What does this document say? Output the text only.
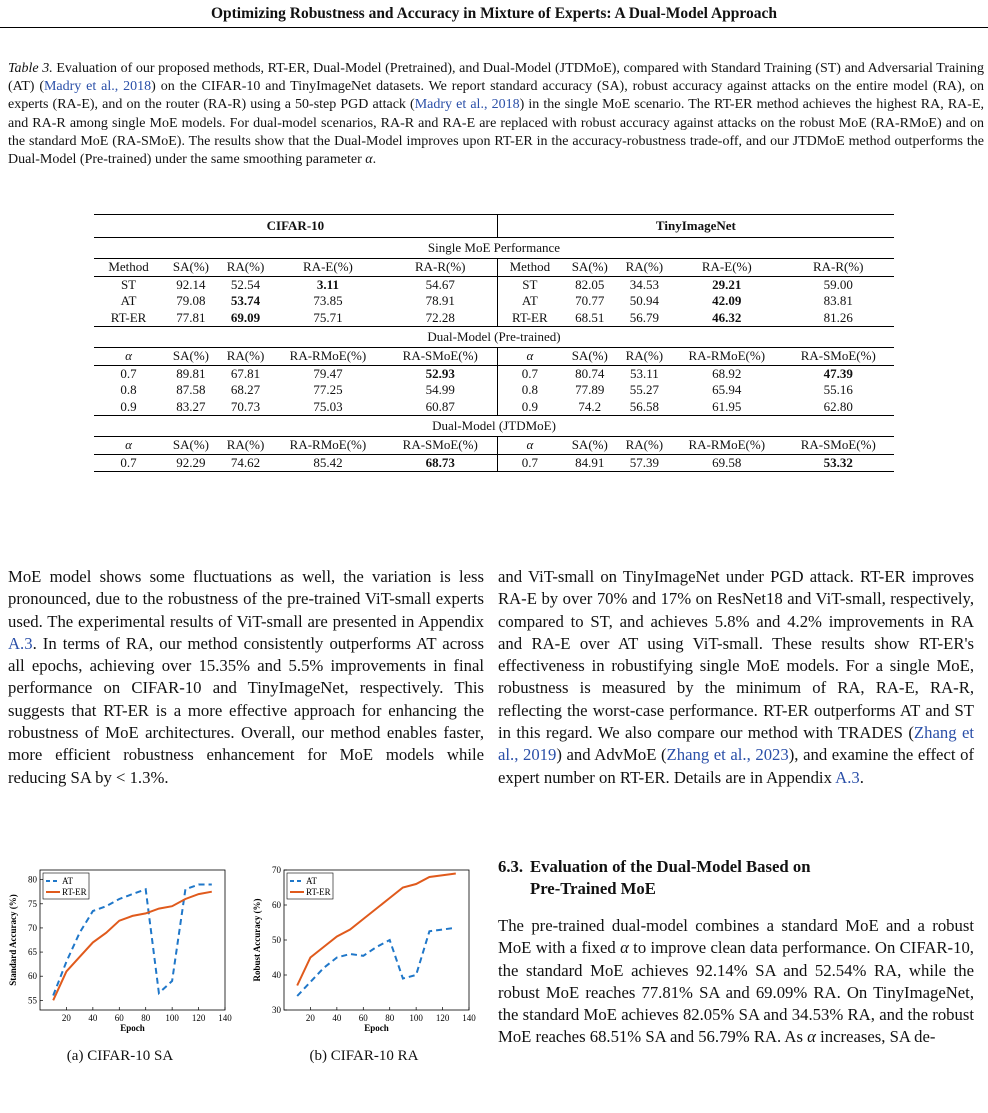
Optimizing Robustness and Accuracy in Mixture of Experts: A Dual-Model Approach
Table 3. Evaluation of our proposed methods, RT-ER, Dual-Model (Pretrained), and Dual-Model (JTDMoE), compared with Standard Training (ST) and Adversarial Training (AT) (Madry et al., 2018) on the CIFAR-10 and TinyImageNet datasets. We report standard accuracy (SA), robust accuracy against attacks on the entire model (RA), on experts (RA-E), and on the router (RA-R) using a 50-step PGD attack (Madry et al., 2018) in the single MoE scenario. The RT-ER method achieves the highest RA, RA-E, and RA-R among single MoE models. For dual-model scenarios, RA-R and RA-E are replaced with robust accuracy against attacks on the robust MoE (RA-RMoE) and on the standard MoE (RA-SMoE). The results show that the Dual-Model improves upon RT-ER in the accuracy-robustness trade-off, and our JTDMoE method outperforms the Dual-Model (Pre-trained) under the same smoothing parameter α.
CIFAR-10					TinyImageNet				
Single MoE Performance									
Method	SA(%)	RA(%)	RA-E(%)	RA-R(%)	Method	SA(%)	RA(%)	RA-E(%)	RA-R(%)
ST	92.14	52.54	3.11	54.67	ST	82.05	34.53	29.21	59.00
AT	79.08	53.74	73.85	78.91	AT	70.77	50.94	42.09	83.81
RT-ER	77.81	69.09	75.71	72.28	RT-ER	68.51	56.79	46.32	81.26
Dual-Model (Pre-trained)									
α	SA(%)	RA(%)	RA-RMoE(%)	RA-SMoE(%)	α	SA(%)	RA(%)	RA-RMoE(%)	RA-SMoE(%)
0.7	89.81	67.81	79.47	52.93	0.7	80.74	53.11	68.92	47.39
0.8	87.58	68.27	77.25	54.99	0.8	77.89	55.27	65.94	55.16
0.9	83.27	70.73	75.03	60.87	0.9	74.2	56.58	61.95	62.80
Dual-Model (JTDMoE)									
α	SA(%)	RA(%)	RA-RMoE(%)	RA-SMoE(%)	α	SA(%)	RA(%)	RA-RMoE(%)	RA-SMoE(%)
0.7	92.29	74.62	85.42	68.73	0.7	84.91	57.39	69.58	53.32
MoE model shows some fluctuations as well, the variation is less pronounced, due to the robustness of the pre-trained ViT-small experts used. The experimental results of ViT-small are presented in Appendix A.3. In terms of RA, our method consistently outperforms AT across all epochs, achieving over 15.35% and 5.5% improvements in final performance on CIFAR-10 and TinyImageNet, respectively. This suggests that RT-ER is a more effective approach for enhancing the robustness of MoE architectures. Overall, our method enables faster, more efficient robustness enhancement for MoE models while reducing SA by < 1.3%.
and ViT-small on TinyImageNet under PGD attack. RT-ER improves RA-E by over 70% and 17% on ResNet18 and ViT-small, respectively, compared to ST, and achieves 5.8% and 4.2% improvements in RA and RA-E over AT using ViT-small. These results show RT-ER's effectiveness in robustifying single MoE models. For a single MoE, robustness is measured by the minimum of RA, RA-E, RA-R, reflecting the worst-case performance. RT-ER outperforms AT and ST in this regard. We also compare our method with TRADES (Zhang et al., 2019) and AdvMoE (Zhang et al., 2023), and examine the effect of expert number on RT-ER. Details are in Appendix A.3.
6.3. Evaluation of the Dual-Model Based on
Pre-Trained MoE
The pre-trained dual-model combines a standard MoE and a robust MoE with a fixed α to improve clean data performance. On CIFAR-10, the standard MoE achieves 92.14% SA and 52.54% RA, while the robust MoE reaches 77.81% SA and 69.09% RA. On TinyImageNet, the standard MoE achieves 82.05% SA and 34.53% RA, and the robust MoE reaches 68.51% SA and 56.79% RA. As α increases, SA de-
20 40 60 80 100 120 140
55
60
65
70
75
80
Epoch
Standard Accuracy (%)
AT
RT-ER
20 40 60 80 100 120 140
30
40
50
60
70
Epoch
Robust Accuracy (%)
AT
RT-ER
(a) CIFAR-10 SA	(b) CIFAR-10 RA
